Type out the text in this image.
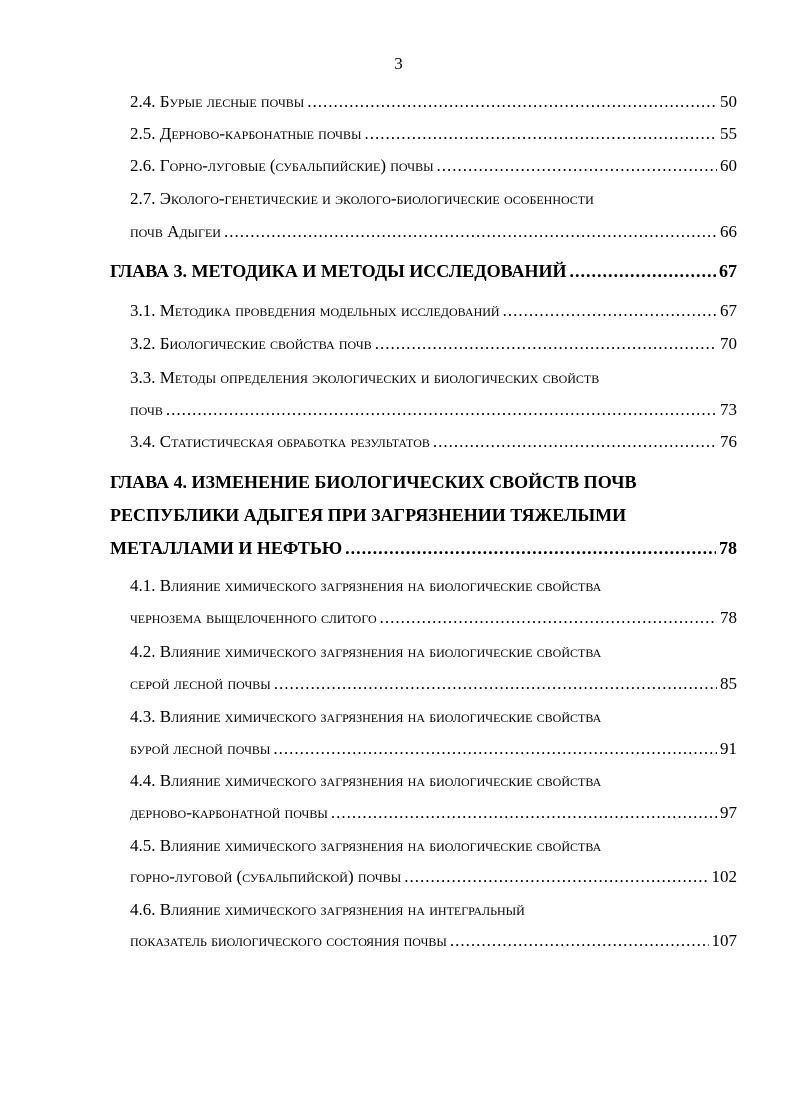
3
2.4. Бурые лесные почвы .....	50
2.5. Дерново-карбонатные почвы .....	55
2.6. Горно-луговые (субальпийские) почвы .....	60
2.7. Эколого-генетические и эколого-биологические особенности
почв Адыгеи .....	66
ГЛАВА 3. МЕТОДИКА И МЕТОДЫ ИССЛЕДОВАНИЙ .....	67
3.1. Методика проведения модельных исследований .....	67
3.2. Биологические свойства почв .....	70
3.3. Методы определения экологических и биологических свойств
почв .....	73
3.4. Статистическая обработка результатов .....	76
ГЛАВА 4. ИЗМЕНЕНИЕ БИОЛОГИЧЕСКИХ СВОЙСТВ ПОЧВ
РЕСПУБЛИКИ АДЫГЕЯ ПРИ ЗАГРЯЗНЕНИИ ТЯЖЕЛЫМИ
МЕТАЛЛАМИ И НЕФТЬЮ .....	78
4.1. Влияние химического загрязнения на биологические свойства
чернозема выщелоченного слитого .....	78
4.2. Влияние химического загрязнения на биологические свойства
серой лесной почвы .....	85
4.3. Влияние химического загрязнения на биологические свойства
бурой лесной почвы .....	91
4.4. Влияние химического загрязнения на биологические свойства
дерново-карбонатной почвы .....	97
4.5. Влияние химического загрязнения на биологические свойства
горно-луговой (субальпийской) почвы .....	102
4.6. Влияние химического загрязнения на интегральный
показатель биологического состояния почвы .....	107
